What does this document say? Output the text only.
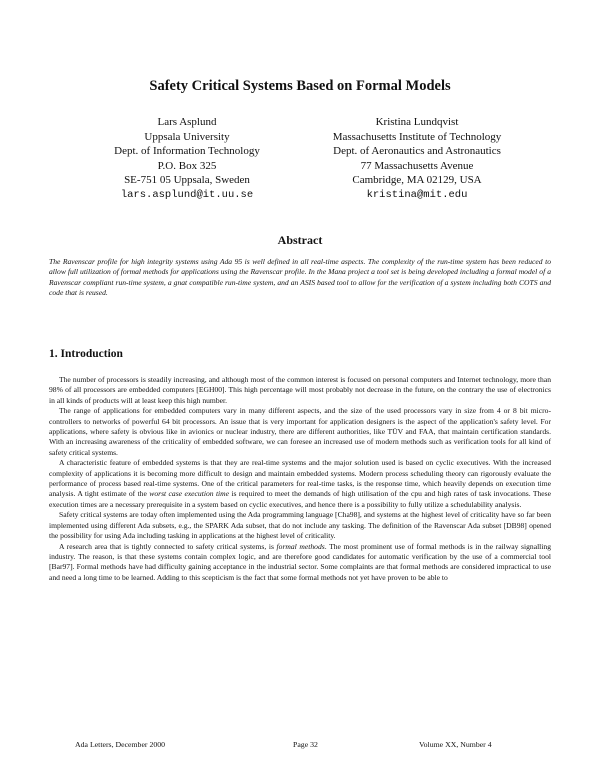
Safety Critical Systems Based on Formal Models
Lars Asplund
Uppsala University
Dept. of Information Technology
P.O. Box 325
SE-751 05 Uppsala, Sweden
lars.asplund@it.uu.se
Kristina Lundqvist
Massachusetts Institute of Technology
Dept. of Aeronautics and Astronautics
77 Massachusetts Avenue
Cambridge, MA 02129, USA
kristina@mit.edu
Abstract

The Ravenscar profile for high integrity systems using Ada 95 is well defined in all real-time aspects. The complexity of the run-time system has been reduced to allow full utilization of formal methods for applications using the Ravenscar profile. In the Mana project a tool set is being developed including a formal model of a Ravenscar compliant run-time system, a gnat compatible run-time system, and an ASIS based tool to allow for the verification of a system including both COTS and code that is reused.

1. Introduction

The number of processors is steadily increasing, and although most of the common interest is focused on personal computers and Internet technology, more than 98% of all processors are embedded computers [EGH00]. This high percentage will most probably not decrease in the future, on the contrary the use of electronics in all kinds of products will at least keep this high number.

The range of applications for embedded computers vary in many different aspects, and the size of the used processors vary in size from 4 or 8 bit micro-controllers to networks of powerful 64 bit processors. An issue that is very important for application designers is the aspect of the application's safety level. For applications, where safety is obvious like in avionics or nuclear industry, there are different authorities, like TÜV and FAA, that maintain certification standards. With an increasing awareness of the criticality of embedded software, we can foresee an increased use of modern methods such as verification tools for all kind of safety critical systems.

A characteristic feature of embedded systems is that they are real-time systems and the major solution used is based on cyclic executives. With the increased complexity of applications it is becoming more difficult to design and maintain embedded systems. Modern process scheduling theory can rigorously evaluate the performance of process based real-time systems. One of the critical parameters for real-time tasks, is the response time, which heavily depends on execution time analysis. A tight estimate of the worst case execution time is required to meet the demands of high utilisation of the cpu and high rates of task invocations. These execution times are a necessary prerequisite in a system based on cyclic executives, and hence there is a possibility to fully utilize a schedulability analysis.

Safety critical systems are today often implemented using the Ada programming language [Cha98], and systems at the highest level of criticality have so far been implemented using different Ada subsets, e.g., the SPARK Ada subset, that do not include any tasking. The definition of the Ravenscar Ada subset [DB98] opened the possibility for using Ada including tasking in applications at the highest level of criticality.

A research area that is tightly connected to safety critical systems, is formal methods. The most prominent use of formal methods is in the railway signalling industry. The reason, is that these systems contain complex logic, and are therefore good candidates for automatic verification by the use of a commercial tool [Bar97]. Formal methods have had difficulty gaining acceptance in the industrial sector. Some complaints are that formal methods are considered impractical to use and need a long time to be learned. Adding to this scepticism is the fact that some formal methods not yet have proven to be able to

Ada Letters, December 2000	Page 32	Volume XX, Number 4
